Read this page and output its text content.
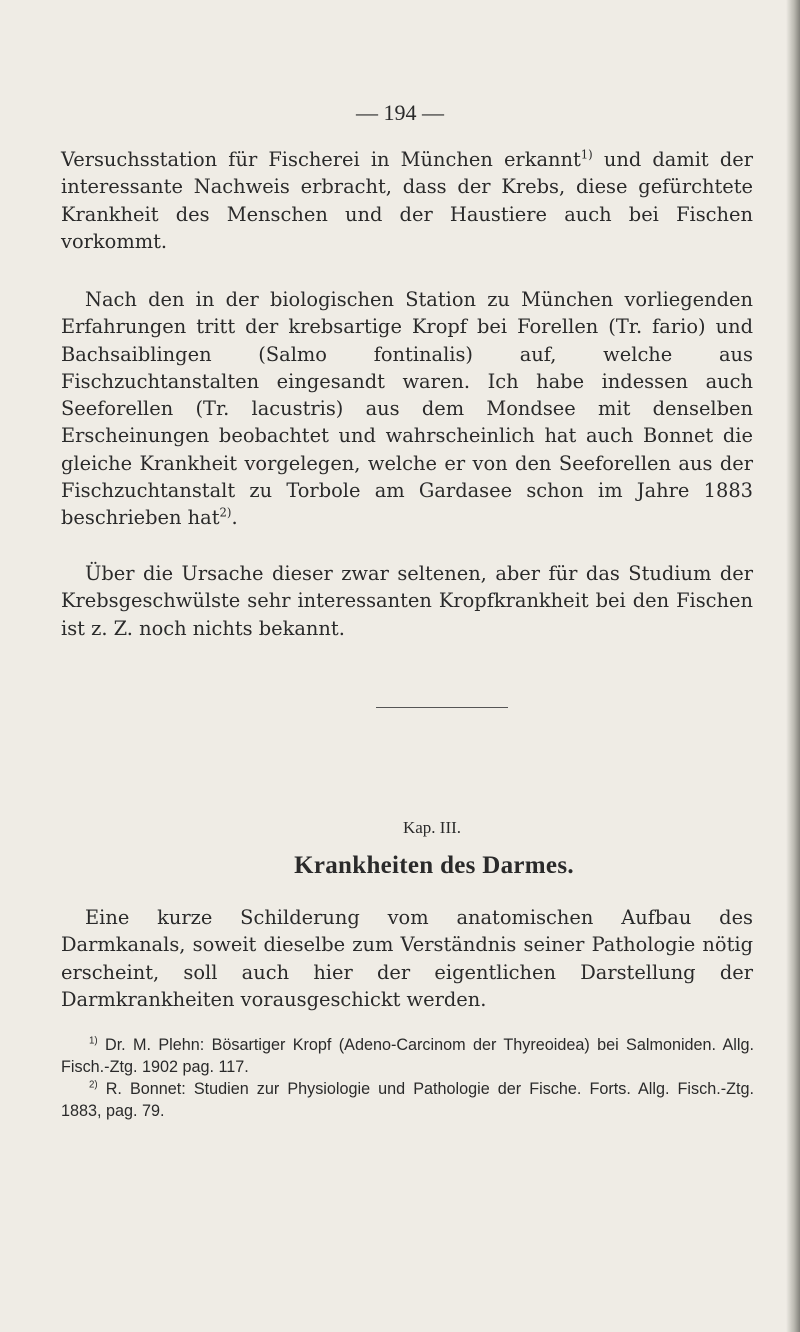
— 194 —
Versuchsstation für Fischerei in München erkannt$^{1)}$ und damit der interessante Nachweis erbracht, dass der Krebs, diese gefürchtete Krankheit des Menschen und der Haustiere auch bei Fischen vorkommt.
Nach den in der biologischen Station zu München vorliegenden Erfahrungen tritt der krebsartige Kropf bei Forellen (Tr. fario) und Bachsaiblingen (Salmo fontinalis) auf, welche aus Fischzuchtanstalten eingesandt waren. Ich habe indessen auch Seeforellen (Tr. lacustris) aus dem Mondsee mit denselben Erscheinungen beobachtet und wahrscheinlich hat auch Bonnet die gleiche Krankheit vorgelegen, welche er von den Seeforellen aus der Fischzuchtanstalt zu Torbole am Gardasee schon im Jahre 1883 beschrieben hat$^{2)}$.
Über die Ursache dieser zwar seltenen, aber für das Studium der Krebsgeschwülste sehr interessanten Kropfkrankheit bei den Fischen ist z. Z. noch nichts bekannt.
Kap. III.
Krankheiten des Darmes.
Eine kurze Schilderung vom anatomischen Aufbau des Darmkanals, soweit dieselbe zum Verständnis seiner Pathologie nötig erscheint, soll auch hier der eigentlichen Darstellung der Darmkrankheiten vorausgeschickt werden.
$^{1)}$ Dr. M. Plehn: Bösartiger Kropf (Adeno-Carcinom der Thyreoidea) bei Salmoniden. Allg. Fisch.-Ztg. 1902 pag. 117.
$^{2)}$ R. Bonnet: Studien zur Physiologie und Pathologie der Fische. Forts. Allg. Fisch.-Ztg. 1883, pag. 79.
